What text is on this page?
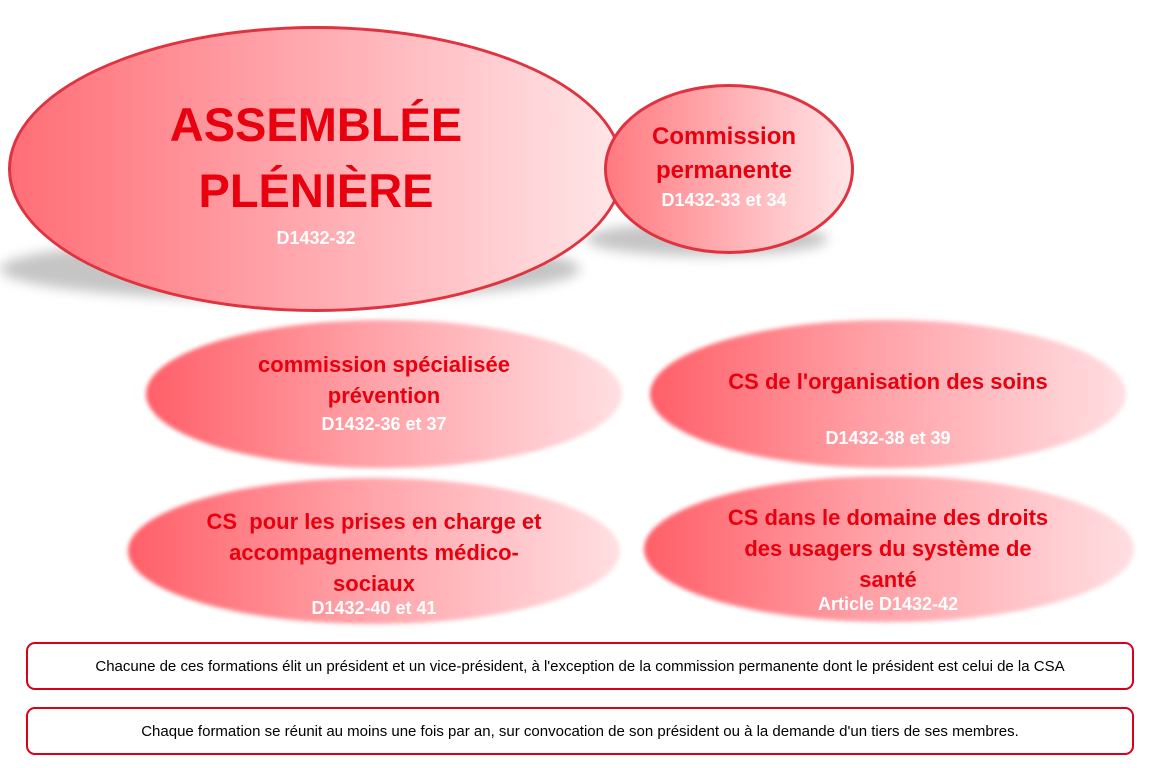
ASSEMBLÉE
PLÉNIÈRE
D1432-32
Commission
permanente
D1432-33 et 34
commission spécialisée
prévention
D1432-36 et 37
CS de l'organisation des soins
D1432-38 et 39
CS  pour les prises en charge et
accompagnements médico-
sociaux
D1432-40 et 41
CS dans le domaine des droits
des usagers du système de
santé
Article D1432-42
Chacune de ces formations élit un président et un vice-président, à l'exception de la commission permanente dont le président est celui de la CSA
Chaque formation se réunit au moins une fois par an, sur convocation de son président ou à la demande d'un tiers de ses membres.
